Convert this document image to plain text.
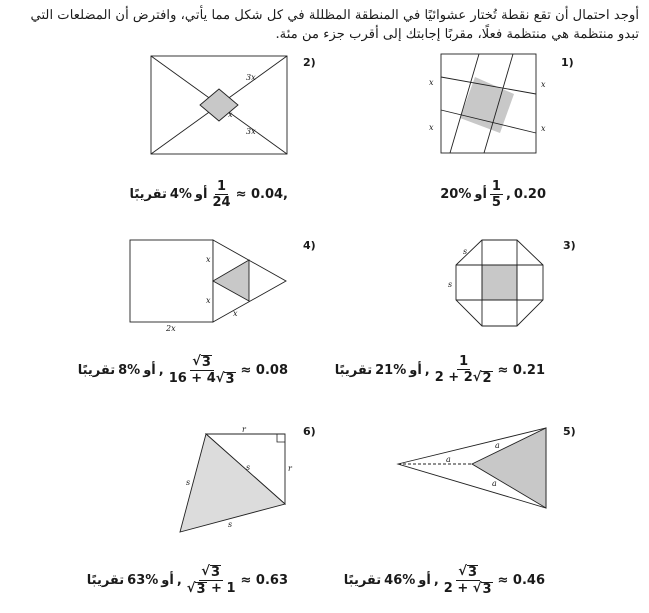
أوجد احتمال أن تقع نقطة تُختار عشوائيًا في المنطقة المظللة في كل شكل مما يأتي، وافترض أن المضلعات التي تبدو منتظمة هي منتظمة فعلًا، مقربًا إجابتك إلى أقرب جزء من مئة.
1)
x
x
x
x
20% أو $\frac{1}{5}$ , 0.20
2)
3x
x
3x
تقريبًا 4% أو $\frac{1}{24} \approx 0.04$,
3)
s
s
تقريبًا 21% أو , $\frac{1}{2 + 2 √ 2} \approx 0.21$
4)
x
x
x
2x
تقريبًا 8% أو , $\frac{√ 3}{16 + 4 √ 3} \approx 0.08$
5)
a
a
a
تقريبًا 46% أو , $\frac{√ 3}{2 + √ 3} \approx 0.46$
6)
r
r
s
s
s
تقريبًا 63% أو , $\frac{√ 3}{√ 3 + 1} \approx 0.63$
